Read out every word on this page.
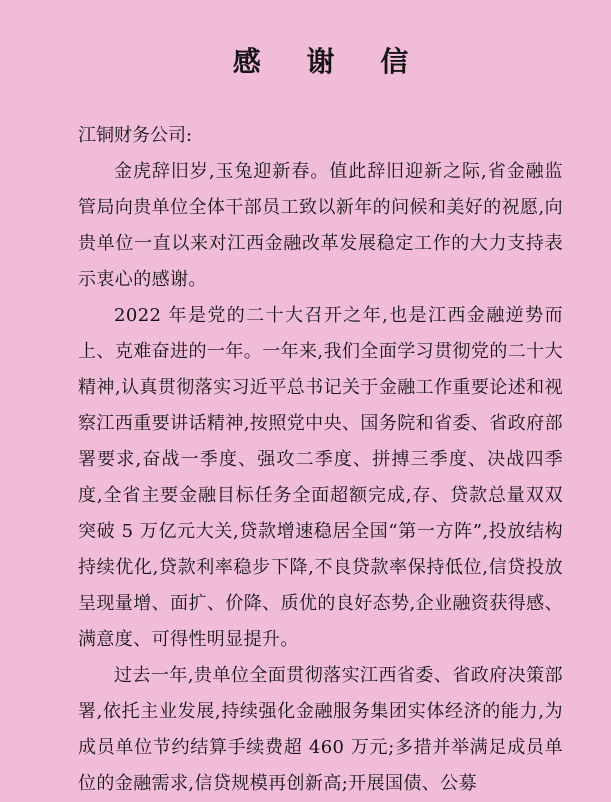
感 谢 信
江铜财务公司:

金虎辞旧岁,玉兔迎新春。值此辞旧迎新之际,省金融监管局向贵单位全体干部员工致以新年的问候和美好的祝愿,向贵单位一直以来对江西金融改革发展稳定工作的大力支持表示衷心的感谢。

2022 年是党的二十大召开之年,也是江西金融逆势而上、克难奋进的一年。一年来,我们全面学习贯彻党的二十大精神,认真贯彻落实习近平总书记关于金融工作重要论述和视察江西重要讲话精神,按照党中央、国务院和省委、省政府部署要求,奋战一季度、强攻二季度、拼搏三季度、决战四季度,全省主要金融目标任务全面超额完成,存、贷款总量双双突破 5 万亿元大关,贷款增速稳居全国“第一方阵”,投放结构持续优化,贷款利率稳步下降,不良贷款率保持低位,信贷投放呈现量增、面扩、价降、质优的良好态势,企业融资获得感、满意度、可得性明显提升。

过去一年,贵单位全面贯彻落实江西省委、省政府决策部署,依托主业发展,持续强化金融服务集团实体经济的能力,为成员单位节约结算手续费超 460 万元;多措并举满足成员单位的金融需求,信贷规模再创新高;开展国债、公募
